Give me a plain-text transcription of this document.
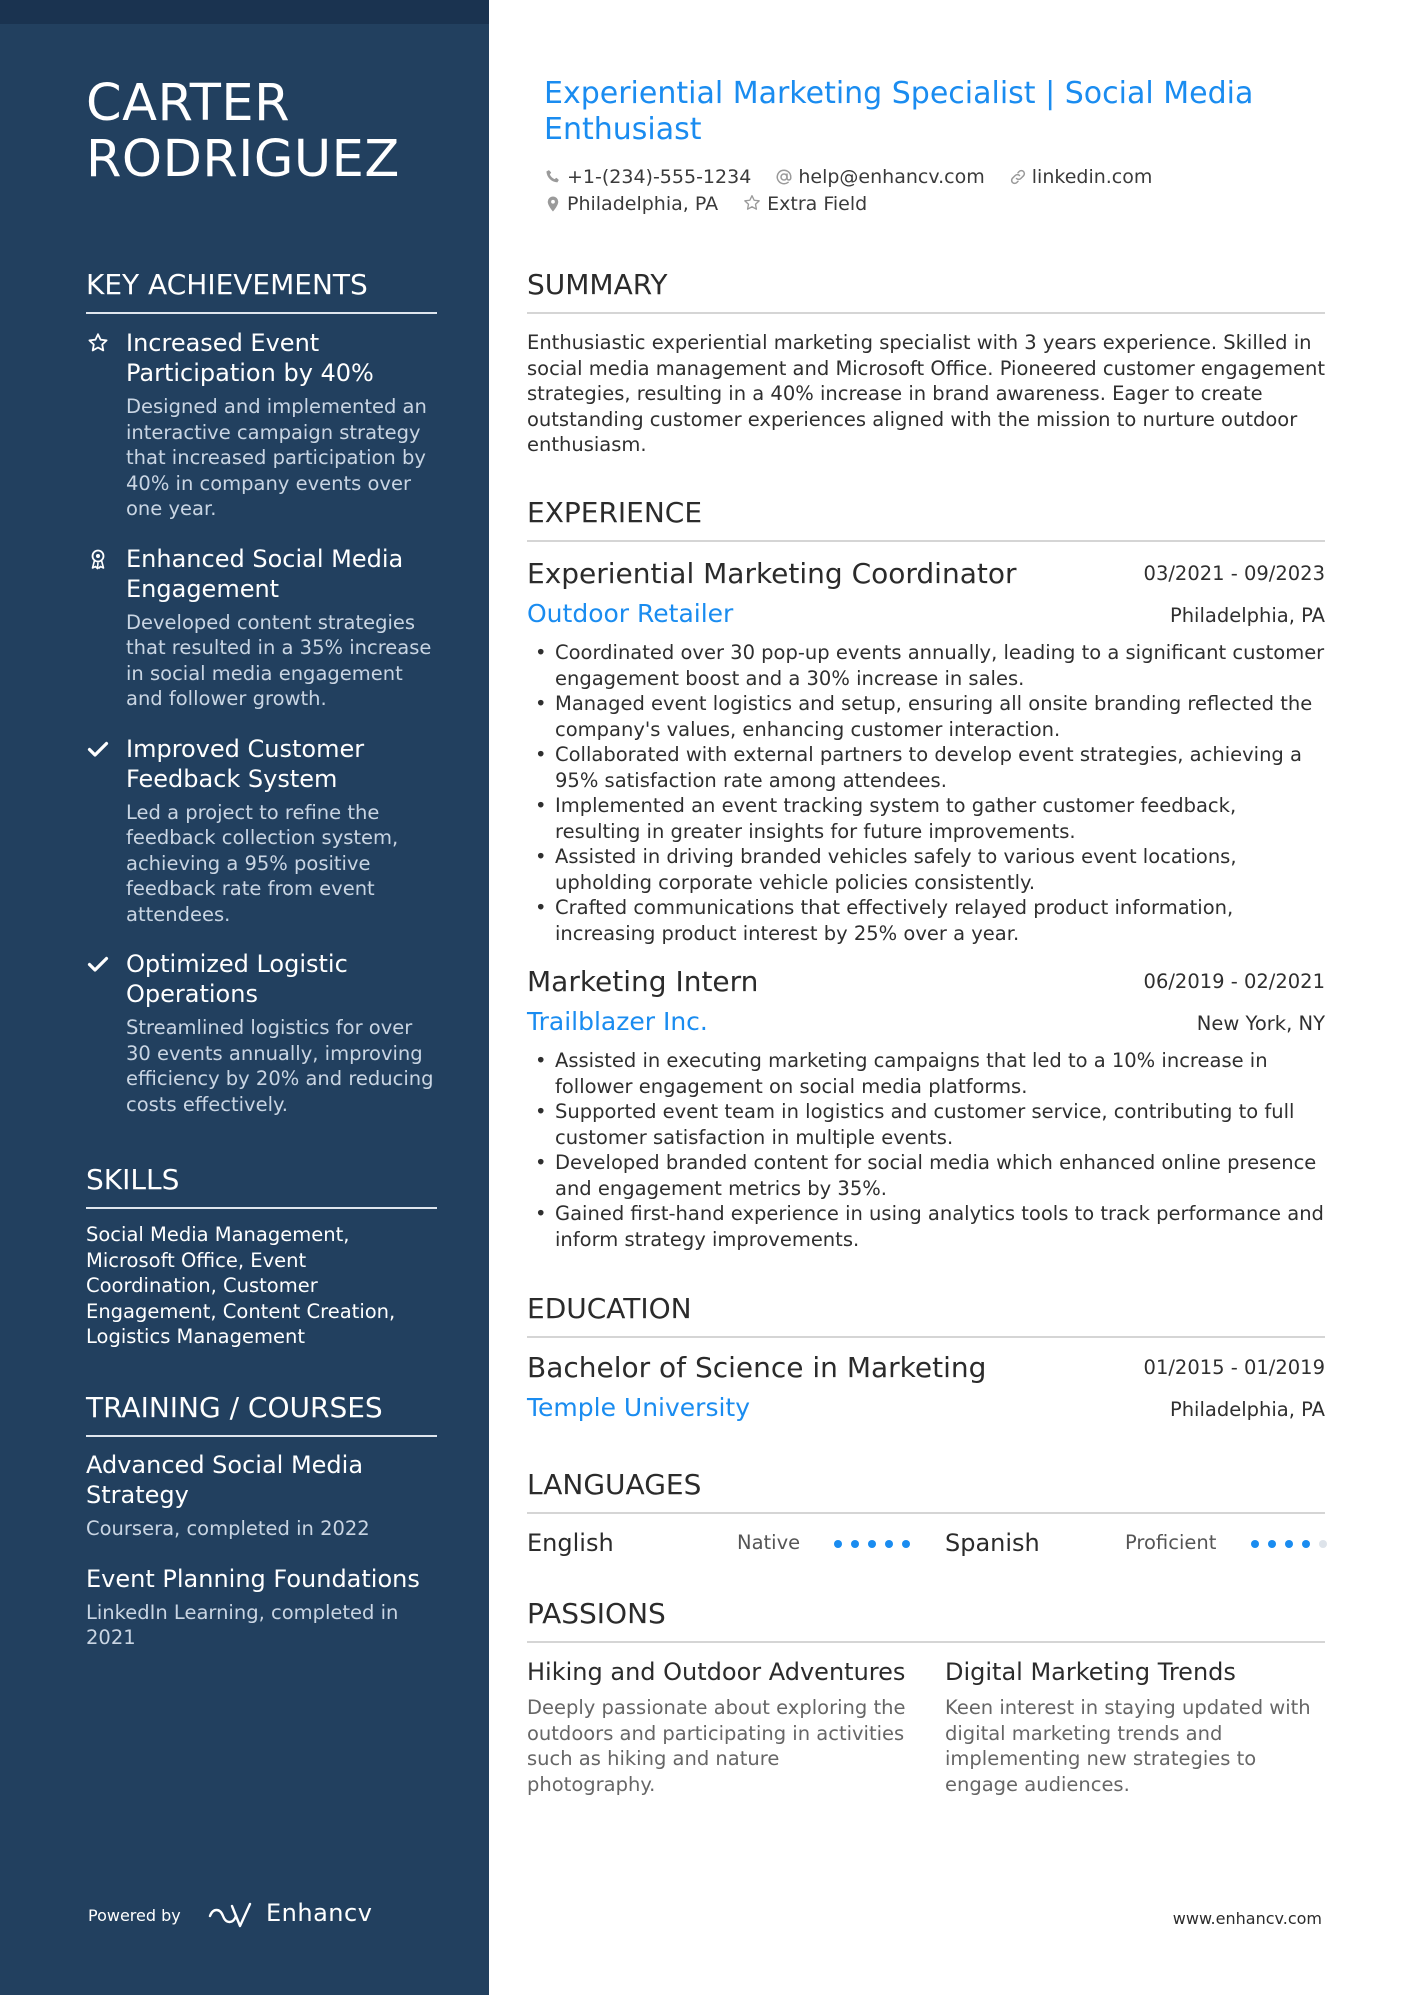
CARTER RODRIGUEZ
KEY ACHIEVEMENTS
Increased Event Participation by 40%
Designed and implemented an interactive campaign strategy that increased participation by 40% in company events over one year.
Enhanced Social Media Engagement
Developed content strategies that resulted in a 35% increase in social media engagement and follower growth.
Improved Customer Feedback System
Led a project to refine the feedback collection system, achieving a 95% positive feedback rate from event attendees.
Optimized Logistic Operations
Streamlined logistics for over 30 events annually, improving efficiency by 20% and reducing costs effectively.
SKILLS
Social Media Management, Microsoft Office, Event Coordination, Customer Engagement, Content Creation, Logistics Management
TRAINING / COURSES
Advanced Social Media Strategy
Coursera, completed in 2022
Event Planning Foundations
LinkedIn Learning, completed in 2021
Powered by	Enhancv
Experiential Marketing Specialist | Social Media Enthusiast
+1-(234)-555-1234 help@enhancv.com linkedin.com
Philadelphia, PA	Extra Field
SUMMARY
Enthusiastic experiential marketing specialist with 3 years experience. Skilled in social media management and Microsoft Office. Pioneered customer engagement strategies, resulting in a 40% increase in brand awareness. Eager to create outstanding customer experiences aligned with the mission to nurture outdoor enthusiasm.
EXPERIENCE
Experiential Marketing Coordinator	03/2021 - 09/2023
Outdoor Retailer	Philadelphia, PA
• Coordinated over 30 pop-up events annually, leading to a significant customer engagement boost and a 30% increase in sales.
• Managed event logistics and setup, ensuring all onsite branding reflected the company's values, enhancing customer interaction.
• Collaborated with external partners to develop event strategies, achieving a 95% satisfaction rate among attendees.
• Implemented an event tracking system to gather customer feedback, resulting in greater insights for future improvements.
• Assisted in driving branded vehicles safely to various event locations, upholding corporate vehicle policies consistently.
• Crafted communications that effectively relayed product information, increasing product interest by 25% over a year.
Marketing Intern	06/2019 - 02/2021
Trailblazer Inc.	New York, NY
• Assisted in executing marketing campaigns that led to a 10% increase in follower engagement on social media platforms.
• Supported event team in logistics and customer service, contributing to full customer satisfaction in multiple events.
• Developed branded content for social media which enhanced online presence and engagement metrics by 35%.
• Gained first-hand experience in using analytics tools to track performance and inform strategy improvements.
EDUCATION
Bachelor of Science in Marketing	01/2015 - 01/2019
Temple University	Philadelphia, PA
LANGUAGES
English	Native	Spanish	Proficient
PASSIONS
Hiking and Outdoor Adventures
Deeply passionate about exploring the outdoors and participating in activities such as hiking and nature photography.
Digital Marketing Trends
Keen interest in staying updated with digital marketing trends and implementing new strategies to engage audiences.
www.enhancv.com
